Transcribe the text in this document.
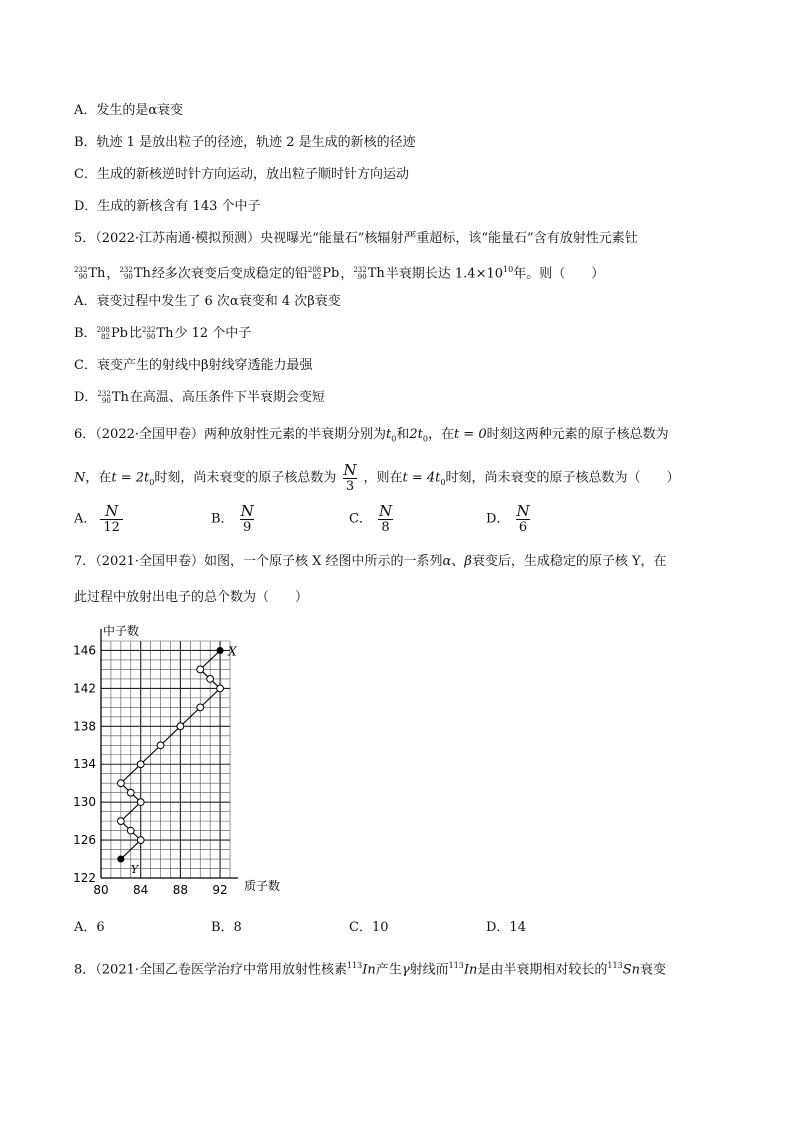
A．发生的是α衰变
B．轨迹 1 是放出粒子的径迹，轨迹 2 是生成的新核的径迹
C．生成的新核逆时针方向运动，放出粒子顺时针方向运动
D．生成的新核含有 143 个中子
5．（2022·江苏南通·模拟预测）央视曝光“能量石”核辐射严重超标，该“能量石”含有放射性元素钍
232
90 Th， 232
90 Th经多次衰变后变成稳定的铅 208
82 Pb， 232
90 Th半衰期长达 $1.4\times 10^{10}$年。则（　　）
A．衰变过程中发生了 6 次α衰变和 4 次β衰变
B． 208
82 Pb比 232
90 Th少 12 个中子
C．衰变产生的射线中β射线穿透能力最强
D． 232
90 Th在高温、高压条件下半衰期会变短
6．（2022·全国甲卷）两种放射性元素的半衰期分别为$t_0$和$2t_0$，在t = 0时刻这两种元素的原子核总数为
N，在$t = 2t_0$时刻，尚未衰变的原子核总数为 $\frac{N}{3}$ ，则在$t = 4t_0$时刻，尚未衰变的原子核总数为（　　）
A． $\frac{N}{12}$	B． $\frac{N}{9}$	C． $\frac{N}{8}$	D． $\frac{N}{6}$
7．（2021·全国甲卷）如图，一个原子核 X 经图中所示的一系列α、β衰变后，生成稳定的原子核 Y，在
此过程中放射出电子的总个数为（　　）
80 84 88 92
122
126
130
134
138
142
146
中子数
质子数
X
Y
A．6	B．8	C．10	D．14
8．（2021·全国乙卷医学治疗中常用放射性核素$^{113}$In产生γ射线而$^{113}$In是由半衰期相对较长的$^{113}$Sn衰变
